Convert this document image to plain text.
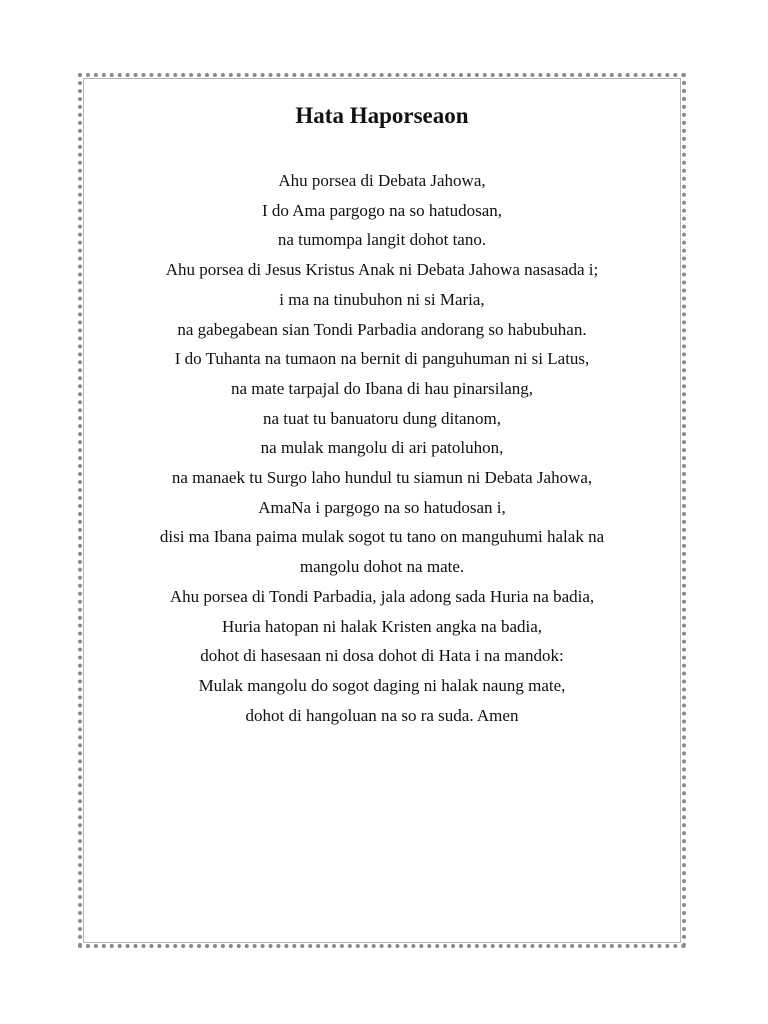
Hata Haporseaon
Ahu porsea di Debata Jahowa,
I do Ama pargogo na so hatudosan,
na tumompa langit dohot tano.
Ahu porsea di Jesus Kristus Anak ni Debata Jahowa nasasada i;
i ma na tinubuhon ni si Maria,
na gabegabean sian Tondi Parbadia andorang so habubuhan.
I do Tuhanta na tumaon na bernit di panguhuman ni si Latus,
na mate tarpajal do Ibana di hau pinarsilang,
na tuat tu banuatoru dung ditanom,
na mulak mangolu di ari patoluhon,
na manaek tu Surgo laho hundul tu siamun ni Debata Jahowa,
AmaNa i pargogo na so hatudosan i,
disi ma Ibana paima mulak sogot tu tano on manguhumi halak na
mangolu dohot na mate.
Ahu porsea di Tondi Parbadia, jala adong sada Huria na badia,
Huria hatopan ni halak Kristen angka na badia,
dohot di hasesaan ni dosa dohot di Hata i na mandok:
Mulak mangolu do sogot daging ni halak naung mate,
dohot di hangoluan na so ra suda. Amen
